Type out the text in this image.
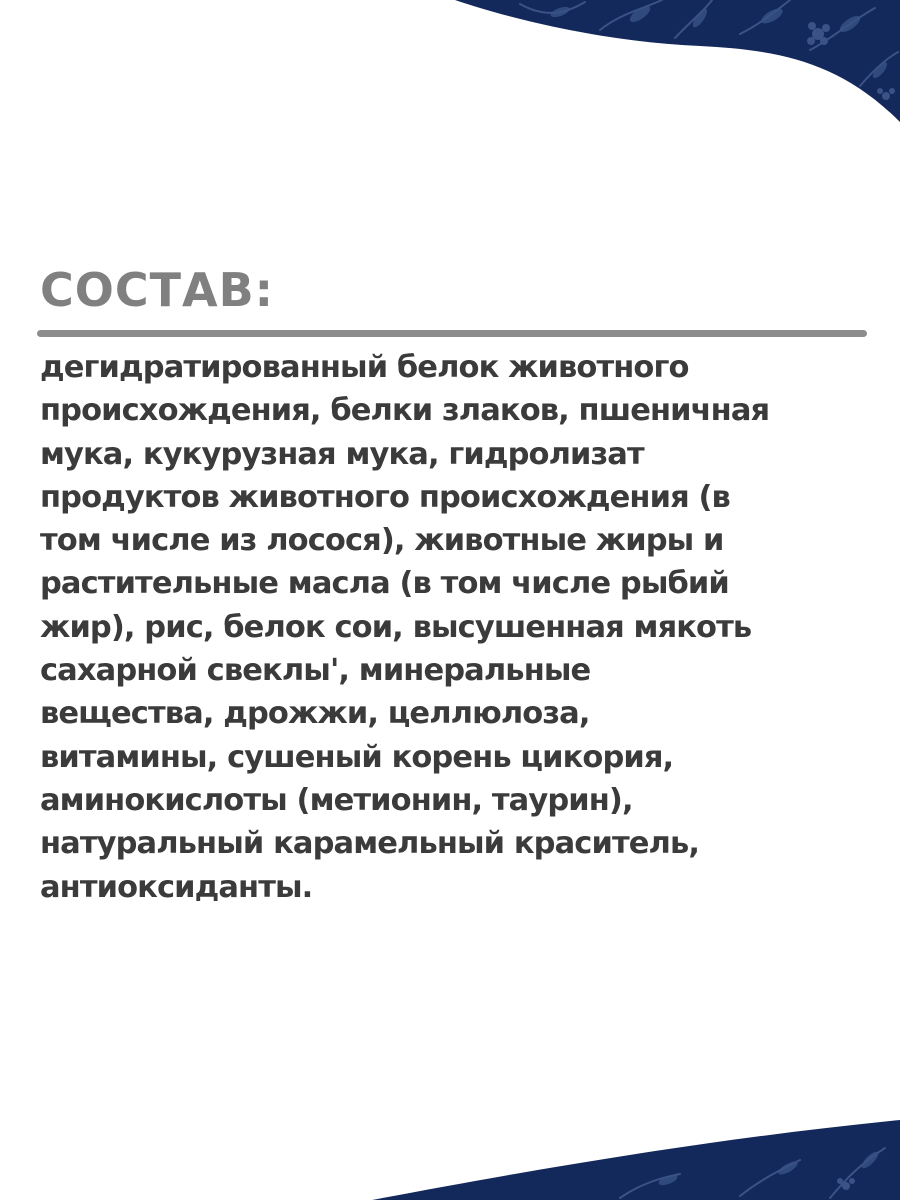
СОСТАВ:

дегидратированный белок животного
происхождения, белки злаков, пшеничная
мука, кукурузная мука, гидролизат
продуктов животного происхождения (в
том числе из лосося), животные жиры и
растительные масла (в том числе рыбий
жир), рис, белок сои, высушенная мякоть
сахарной свеклы', минеральные
вещества, дрожжи, целлюлоза,
витамины, сушеный корень цикория,
аминокислоты (метионин, таурин),
натуральный карамельный краситель,
антиоксиданты.
